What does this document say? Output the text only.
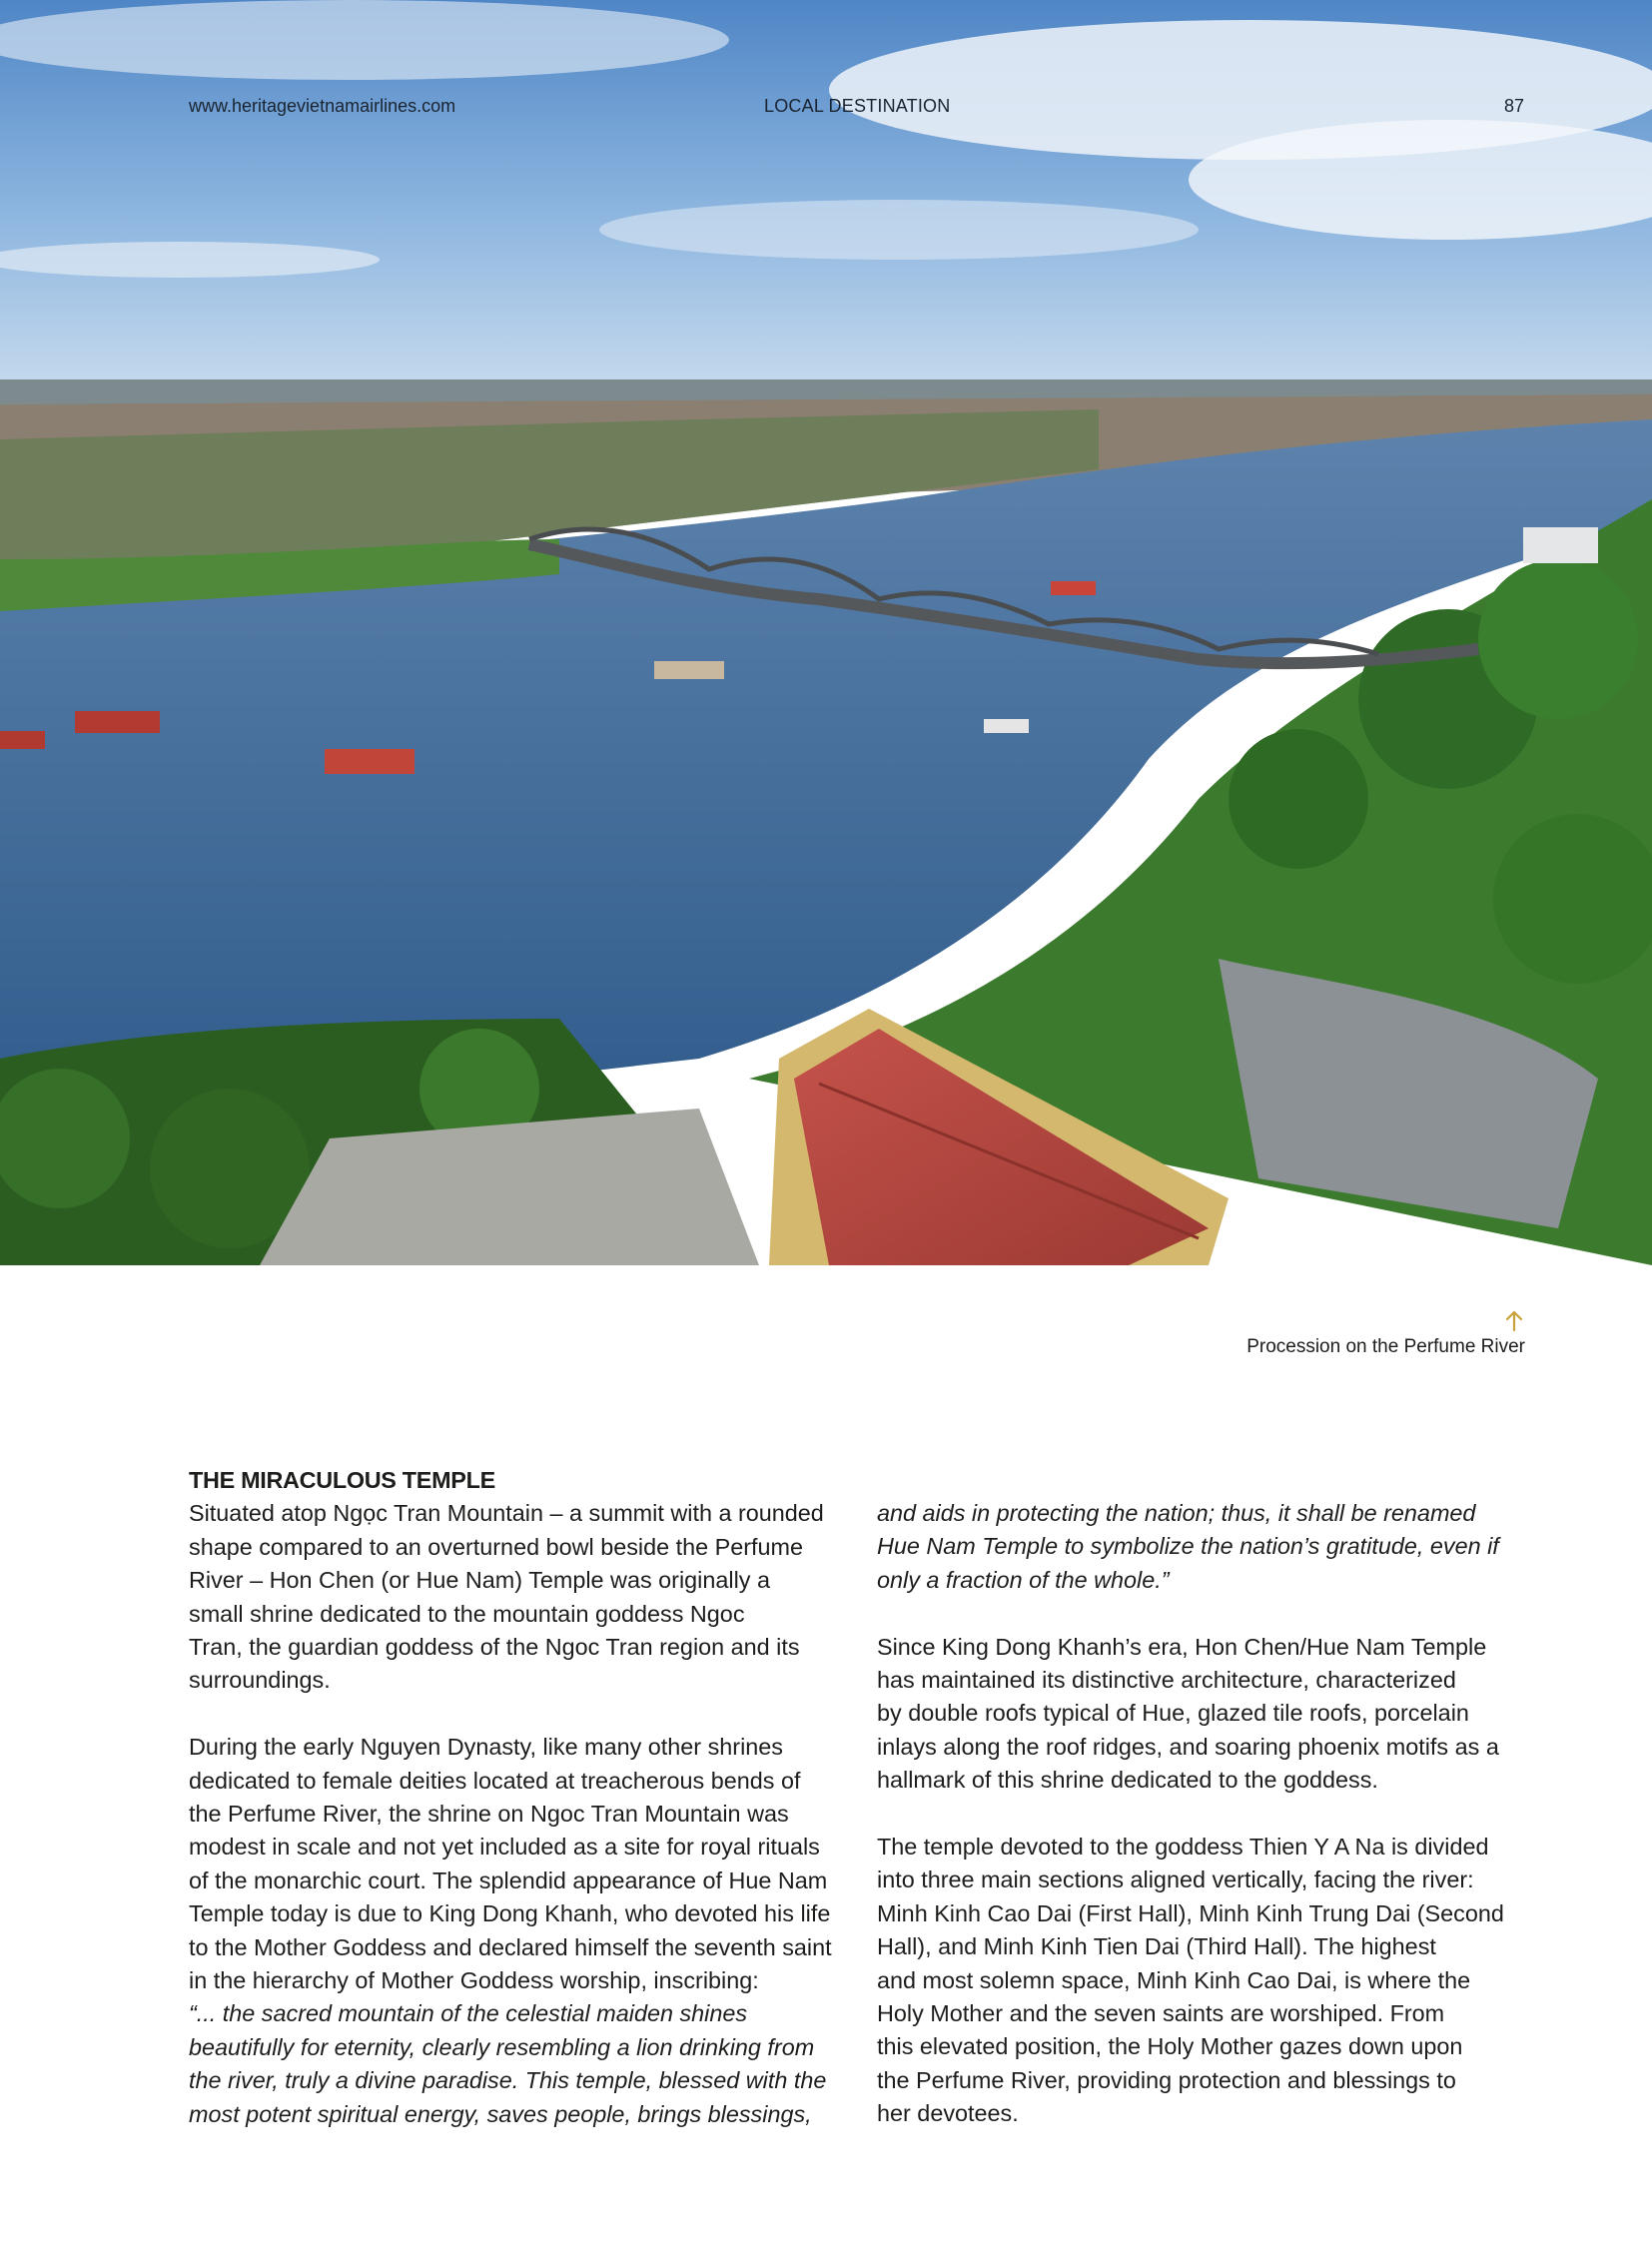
www.heritagevietnamairlines.com	LOCAL DESTINATION	87
Procession on the Perfume River
THE MIRACULOUS TEMPLE

Situated atop Ngọc Tran Mountain – a summit with a rounded
shape compared to an overturned bowl beside the Perfume
River – Hon Chen (or Hue Nam) Temple was originally a
small shrine dedicated to the mountain goddess Ngoc
Tran, the guardian goddess of the Ngoc Tran region and its
surroundings.

During the early Nguyen Dynasty, like many other shrines
dedicated to female deities located at treacherous bends of
the Perfume River, the shrine on Ngoc Tran Mountain was
modest in scale and not yet included as a site for royal rituals
of the monarchic court. The splendid appearance of Hue Nam
Temple today is due to King Dong Khanh, who devoted his life
to the Mother Goddess and declared himself the seventh saint
in the hierarchy of Mother Goddess worship, inscribing:
“... the sacred mountain of the celestial maiden shines
beautifully for eternity, clearly resembling a lion drinking from
the river, truly a divine paradise. This temple, blessed with the
most potent spiritual energy, saves people, brings blessings,

and aids in protecting the nation; thus, it shall be renamed
Hue Nam Temple to symbolize the nation’s gratitude, even if
only a fraction of the whole.”

Since King Dong Khanh’s era, Hon Chen/Hue Nam Temple
has maintained its distinctive architecture, characterized
by double roofs typical of Hue, glazed tile roofs, porcelain
inlays along the roof ridges, and soaring phoenix motifs as a
hallmark of this shrine dedicated to the goddess.

The temple devoted to the goddess Thien Y A Na is divided
into three main sections aligned vertically, facing the river:
Minh Kinh Cao Dai (First Hall), Minh Kinh Trung Dai (Second
Hall), and Minh Kinh Tien Dai (Third Hall). The highest
and most solemn space, Minh Kinh Cao Dai, is where the
Holy Mother and the seven saints are worshiped. From
this elevated position, the Holy Mother gazes down upon
the Perfume River, providing protection and blessings to
her devotees.
